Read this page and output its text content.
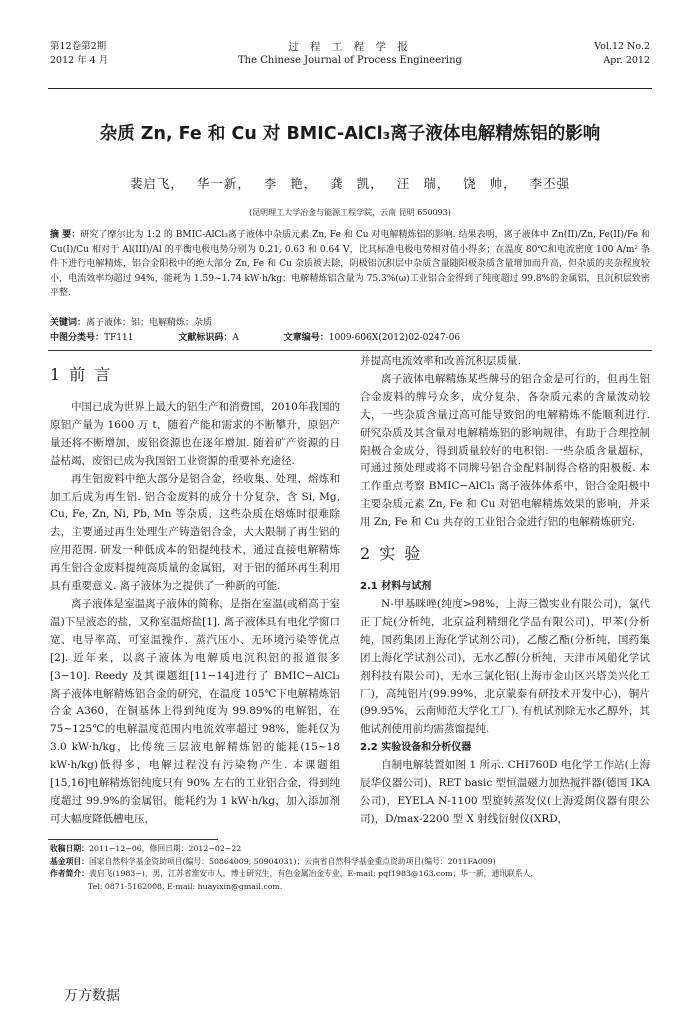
第12卷第2期
2012 年 4 月
过 程 工 程 学 报
The Chinese Journal of Process Engineering
Vol.12 No.2
Apr. 2012
杂质 Zn, Fe 和 Cu 对 BMIC-AlCl₃离子液体电解精炼铝的影响
裴启飞， 华一新， 李 艳， 龚 凯， 汪 瑞， 饶 帅， 李丕强
(昆明理工大学冶金与能源工程学院，云南 昆明 650093)
摘 要：研究了摩尔比为 1:2 的 BMIC-AlCl₃离子液体中杂质元素 Zn, Fe 和 Cu 对电解精炼铝的影响. 结果表明，离子液体中 Zn(II)/Zn, Fe(II)/Fe 和 Cu(I)/Cu 相对于 Al(III)/Al 的平衡电极电势分别为 0.21, 0.63 和 0.64 V，比其标准电极电势相对值小得多；在温度 80℃和电流密度 100 A/m² 条件下进行电解精炼，铝合金阳极中的绝大部分 Zn, Fe 和 Cu 杂质被去除，阴极铝沉积层中杂质含量随阳极杂质含量增加而升高，但杂质的夹杂程度较小，电流效率均超过 94%，能耗为 1.59~1.74 kW·h/kg；电解精炼铝含量为 75.3%(ω)工业铝合金得到了纯度超过 99.8%的金属铝，且沉积层致密平整.
关键词：离子液体；铝；电解精炼；杂质
中图分类号：TF111	文献标识码：A	文章编号：1009-606X(2012)02-0247-06
1 前 言

中国已成为世界上最大的铝生产和消费国，2010年我国的原铝产量为 1600 万 t，随着产能和需求的不断攀升，原铝产量还将不断增加，废铝资源也在逐年增加. 随着矿产资源的日益枯竭，废铝已成为我国铝工业资源的重要补充途径.

再生铝废料中绝大部分是铝合金，经收集、处理、熔炼和加工后成为再生铝. 铝合金废料的成分十分复杂，含 Si, Mg, Cu, Fe, Zn, Ni, Pb, Mn 等杂质，这些杂质在熔炼时很难除去，主要通过再生处理生产铸造铝合金，大大限制了再生铝的应用范围. 研发一种低成本的铝提纯技术，通过直接电解精炼再生铝合金废料提纯高质量的金属铝，对于铝的循环再生利用具有重要意义. 离子液体为之提供了一种新的可能.

离子液体是室温离子液体的简称，是指在室温(或稍高于室温)下呈液态的盐，又称室温熔盐[1]. 离子液体具有电化学窗口宽、电导率高、可室温操作、蒸汽压小、无环境污染等优点[2]. 近年来，以离子液体为电解质电沉积铝的报道很多[3−10]. Reedy 及其课题组[11−14]进行了 BMIC−AlCl₃ 离子液体电解精炼铝合金的研究，在温度 105℃下电解精炼铝合金 A360，在铜基体上得到纯度为 99.89%的电解铝，在 75~125℃的电解温度范围内电流效率超过 98%，能耗仅为 3.0 kW·h/kg，比传统三层液电解精炼铝的能耗(15~18 kW·h/kg)低得多，电解过程没有污染物产生. 本课题组[15,16]电解精炼铝纯度只有 90% 左右的工业铝合金，得到纯度超过 99.9%的金属铝，能耗约为 1 kW·h/kg，加入添加剂可大幅度降低槽电压，

并提高电流效率和改善沉积层质量.

离子液体电解精炼某些牌号的铝合金是可行的，但再生铝合金废料的牌号众多，成分复杂，各杂质元素的含量波动较大，一些杂质含量过高可能导致铝的电解精炼不能顺利进行. 研究杂质及其含量对电解精炼铝的影响规律，有助于合理控制阳极合金成分，得到质量较好的电积铝. 一些杂质含量超标，可通过预处理或将不同牌号铝合金配料制得合格的阳极板. 本工作重点考察 BMIC−AlCl₃ 离子液体体系中，铝合金阳极中主要杂质元素 Zn, Fe 和 Cu 对铝电解精炼效果的影响，并采用 Zn, Fe 和 Cu 共存的工业铝合金进行铝的电解精炼研究.

2 实 验
2.1 材料与试剂

N-甲基咪唑(纯度>98%，上海三微实业有限公司)，氯代正丁烷(分析纯，北京益利精细化学品有限公司)，甲苯(分析纯，国药集团上海化学试剂公司)，乙酸乙酯(分析纯，国药集团上海化学试剂公司)，无水乙醇(分析纯，天津市风船化学试剂科技有限公司)，无水三氯化铝(上海市金山区兴塔美兴化工厂)，高纯铝片(99.99%，北京蒙泰有研技术开发中心)，铜片(99.95%，云南师范大学化工厂). 有机试剂除无水乙醇外，其他试剂使用前均需蒸馏提纯.

2.2 实验设备和分析仪器

自制电解装置如图 1 所示. CHI760D 电化学工作站(上海辰华仪器公司)，RET basic 型恒温磁力加热搅拌器(德国 IKA 公司)，EYELA N-1100 型旋转蒸发仪(上海爱朗仪器有限公司)，D/max-2200 型 X 射线衍射仪(XRD，

收稿日期：2011−12−06，修回日期：2012−02−22
基金项目：国家自然科学基金资助项目(编号：50864009; 50904031)；云南省自然科学基金重点资助项目(编号：2011FA009)
作者简介：裴启飞(1983−)，男，江苏省淮安市人，博士研究生，有色金属冶金专业，E-mail: pqf1983@163.com；华一新，通讯联系人，
Tel: 0871-5162008, E-mail: huayixin@gmail.com.
万方数据
